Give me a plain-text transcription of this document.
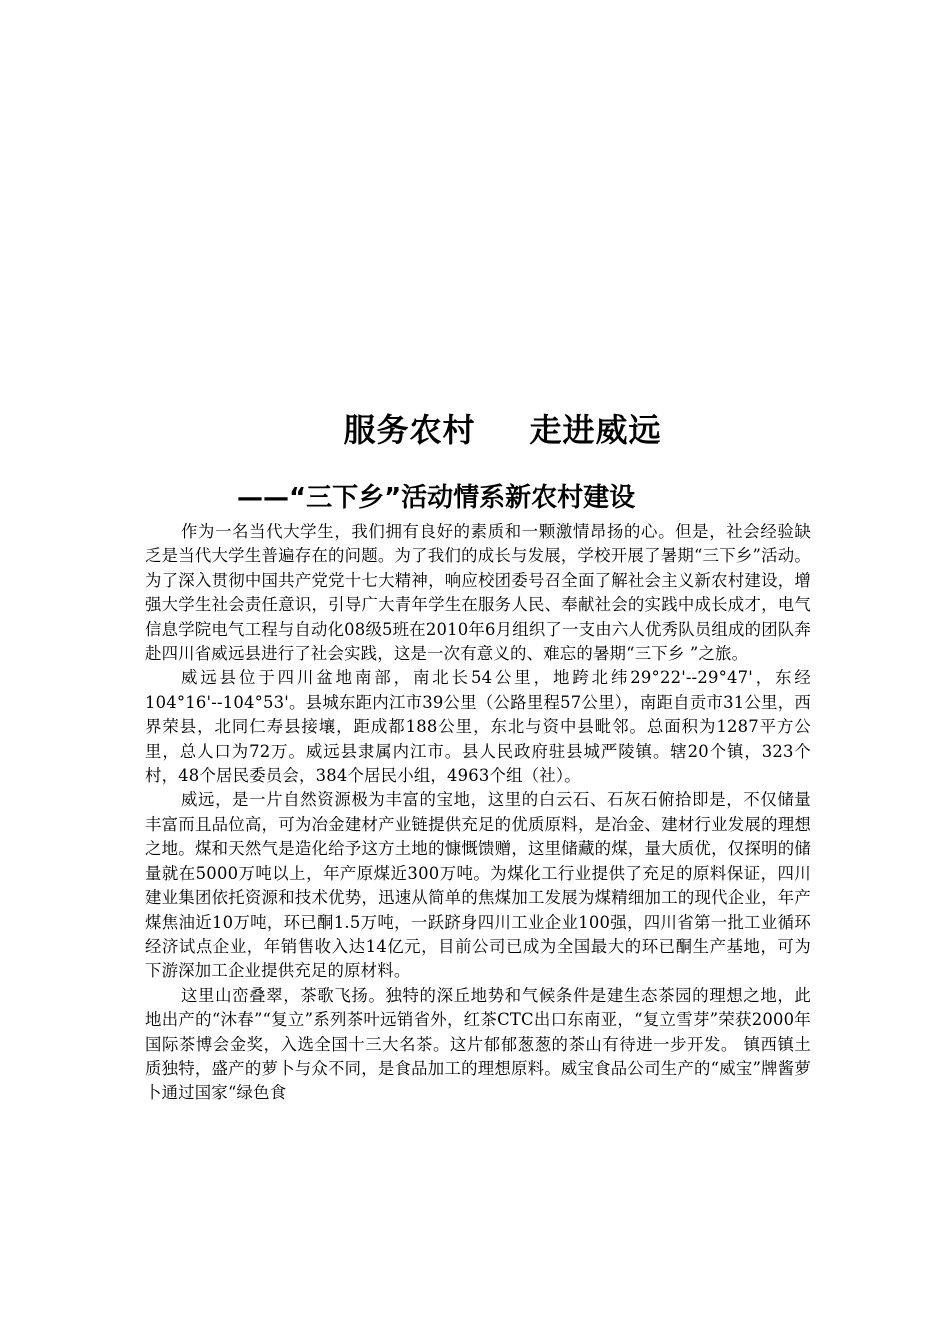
服务农村 走进威远
——“三下乡”活动情系新农村建设

作为一名当代大学生，我们拥有良好的素质和一颗激情昂扬的心。但是，社会经验缺乏是当代大学生普遍存在的问题。为了我们的成长与发展，学校开展了暑期“三下乡”活动。为了深入贯彻中国共产党党十七大精神，响应校团委号召全面了解社会主义新农村建设，增强大学生社会责任意识，引导广大青年学生在服务人民、奉献社会的实践中成长成才，电气信息学院电气工程与自动化08级5班在2010年6月组织了一支由六人优秀队员组成的团队奔赴四川省威远县进行了社会实践，这是一次有意义的、难忘的暑期“三下乡 ”之旅。

威远县位于四川盆地南部，南北长54公里，地跨北纬29°22'--29°47'，东经104°16'--104°53'。县城东距内江市39公里（公路里程57公里），南距自贡市31公里，西界荣县，北同仁寿县接壤，距成都188公里，东北与资中县毗邻。总面积为1287平方公里，总人口为72万。威远县隶属内江市。县人民政府驻县城严陵镇。辖20个镇，323个村，48个居民委员会，384个居民小组，4963个组（社）。

威远，是一片自然资源极为丰富的宝地，这里的白云石、石灰石俯拾即是，不仅储量丰富而且品位高，可为冶金建材产业链提供充足的优质原料，是冶金、建材行业发展的理想之地。煤和天然气是造化给予这方土地的慷慨馈赠，这里储藏的煤，量大质优，仅探明的储量就在5000万吨以上，年产原煤近300万吨。为煤化工行业提供了充足的原料保证，四川建业集团依托资源和技术优势，迅速从简单的焦煤加工发展为煤精细加工的现代企业，年产煤焦油近10万吨，环已酮1.5万吨，一跃跻身四川工业企业100强，四川省第一批工业循环经济试点企业，年销售收入达14亿元，目前公司已成为全国最大的环已酮生产基地，可为下游深加工企业提供充足的原材料。

这里山峦叠翠，茶歌飞扬。独特的深丘地势和气候条件是建生态茶园的理想之地，此地出产的“沐春”“复立”系列茶叶远销省外，红茶CTC出口东南亚，“复立雪芽”荣获2000年国际茶博会金奖，入选全国十三大名茶。这片郁郁葱葱的茶山有待进一步开发。 镇西镇土质独特，盛产的萝卜与众不同，是食品加工的理想原料。威宝食品公司生产的“威宝”牌酱萝卜通过国家“绿色食
